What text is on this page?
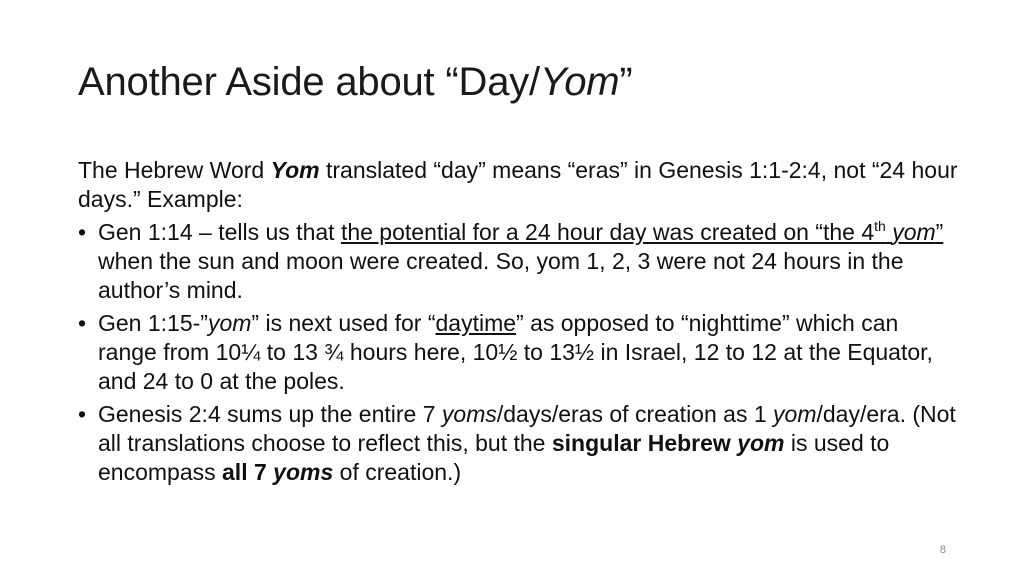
Another Aside about “Day/Yom”
The Hebrew Word Yom translated “day” means “eras” in Genesis 1:1-2:4, not “24 hour days.” Example:
• Gen 1:14 – tells us that the potential for a 24 hour day was created on “the 4th yom” when the sun and moon were created. So, yom 1, 2, 3 were not 24 hours in the author’s mind.
• Gen 1:15-”yom” is next used for “daytime” as opposed to “nighttime” which can range from 10¼ to 13 ¾ hours here, 10½ to 13½ in Israel, 12 to 12 at the Equator, and 24 to 0 at the poles.
• Genesis 2:4 sums up the entire 7 yoms/days/eras of creation as 1 yom/day/era. (Not all translations choose to reflect this, but the singular Hebrew yom is used to encompass all 7 yoms of creation.)
8
